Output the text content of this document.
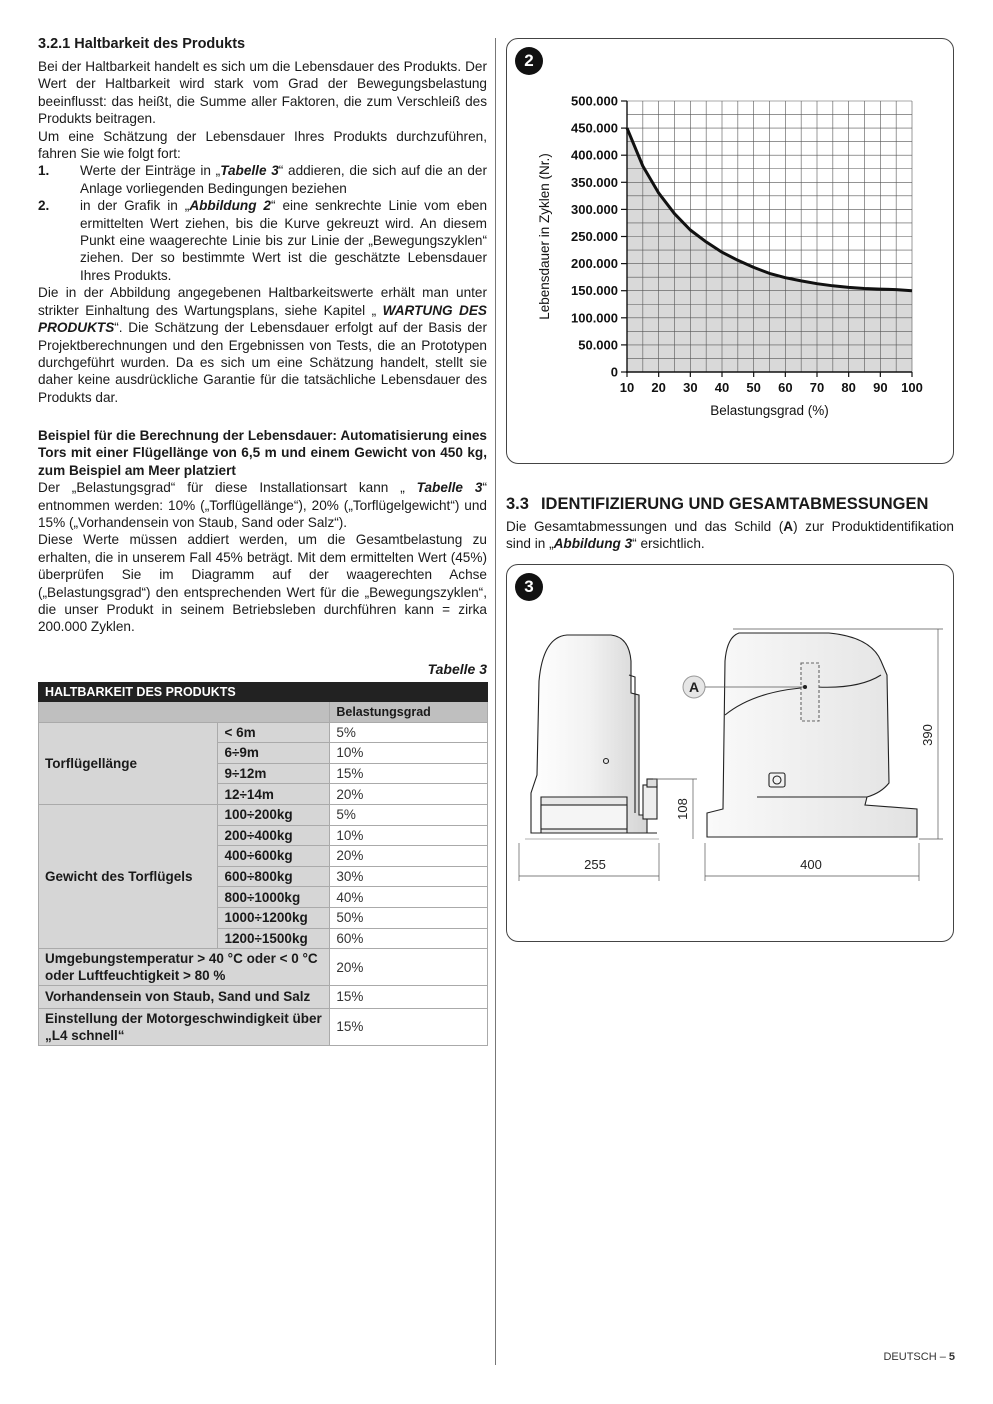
3.2.1 Haltbarkeit des Produkts

Bei der Haltbarkeit handelt es sich um die Lebensdauer des Produkts. Der Wert der Haltbarkeit wird stark vom Grad der Bewegungsbelastung beeinflusst: das heißt, die Summe aller Faktoren, die zum Verschleiß des Produkts beitragen.

Um eine Schätzung der Lebensdauer Ihres Produkts durchzuführen, fahren Sie wie folgt fort:

1. Werte der Einträge in „Tabelle 3“ addieren, die sich auf die an der Anlage vorliegenden Bedingungen beziehen
2. in der Grafik in „Abbildung 2“ eine senkrechte Linie vom eben ermittelten Wert ziehen, bis die Kurve gekreuzt wird. An diesem Punkt eine waagerechte Linie bis zur Linie der „Bewegungszyklen“ ziehen. Der so bestimmte Wert ist die geschätzte Lebensdauer Ihres Produkts.

Die in der Abbildung angegebenen Haltbarkeitswerte erhält man unter strikter Einhaltung des Wartungsplans, siehe Kapitel „ WARTUNG DES PRODUKTS“. Die Schätzung der Lebensdauer erfolgt auf der Basis der Projektberechnungen und den Ergebnissen von Tests, die an Prototypen durchgeführt wurden. Da es sich um eine Schätzung handelt, stellt sie daher keine ausdrückliche Garantie für die tatsächliche Lebensdauer des Produkts dar.

Beispiel für die Berechnung der Lebensdauer: Automatisierung eines Tors mit einer Flügellänge von 6,5 m und einem Gewicht von 450 kg, zum Beispiel am Meer platziert

Der „Belastungsgrad“ für diese Installationsart kann „ Tabelle 3“ entnommen werden: 10% („Torflügellänge“), 20% („Torflügelgewicht“) und 15% („Vorhandensein von Staub, Sand oder Salz“).

Diese Werte müssen addiert werden, um die Gesamtbelastung zu erhalten, die in unserem Fall 45% beträgt. Mit dem ermittelten Wert (45%) überprüfen Sie im Diagramm auf der waagerechten Achse („Belastungsgrad“) den entsprechenden Wert für die „Bewegungszyklen“, die unser Produkt in seinem Betriebsleben durchführen kann = zirka 200.000 Zyklen.

Tabelle 3
HALTBARKEIT DES PRODUKTS		
		Belastungsgrad
Torflügellänge	< 6m	5%
	6÷9m	10%
	9÷12m	15%
	12÷14m	20%
Gewicht des Torflügels	100÷200kg	5%
	200÷400kg	10%
	400÷600kg	20%
	600÷800kg	30%
	800÷1000kg	40%
	1000÷1200kg	50%
	1200÷1500kg	60%
Umgebungstemperatur > 40 °C oder < 0 °C oder Luftfeuchtigkeit > 80 %		20%
Vorhandensein von Staub, Sand und Salz		15%
Einstellung der Motorgeschwindigkeit über „L4 schnell“		15%
2
0
50.000
100.000
150.000
200.000
250.000
300.000
350.000
400.000
450.000
500.000
10 20 30 40 50 60 70 80 90 100
Belastungsgrad (%)
Lebensdauer in Zyklen (Nr.)
3.3 IDENTIFIZIERUNG UND GESAMTABMESSUNGEN

Die Gesamtabmessungen und das Schild (A) zur Produktidentifikation sind in „Abbildung 3“ ersichtlich.

3
A
390
108
255	400
DEUTSCH – 5
